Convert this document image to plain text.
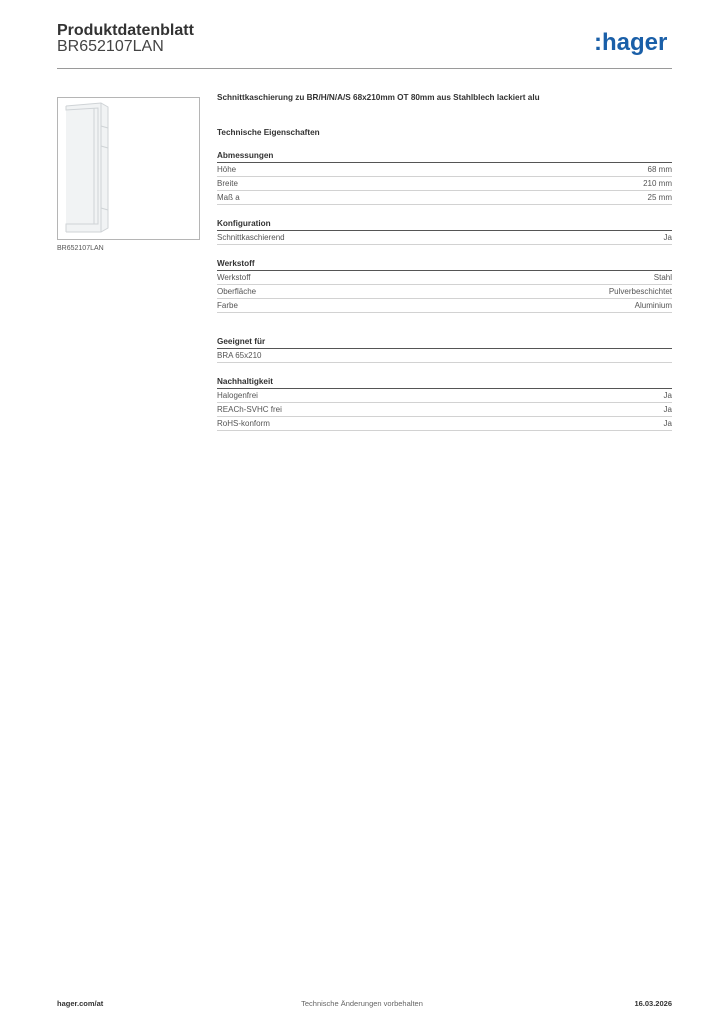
Produktdatenblatt
BR652107LAN	:hager
BR652107LAN
Schnittkaschierung zu BR/H/N/A/S 68x210mm OT 80mm aus Stahlblech lackiert alu
Technische Eigenschaften
Abmessungen
Höhe	68 mm
Breite	210 mm
Maß a	25 mm
Konfiguration
Schnittkaschierend	Ja
Werkstoff
Werkstoff	Stahl
Oberfläche	Pulverbeschichtet
Farbe	Aluminium
Geeignet für
BRA 65x210
Nachhaltigkeit
Halogenfrei	Ja
REACh-SVHC frei	Ja
RoHS-konform	Ja
hager.com/at	Technische Änderungen vorbehalten	16.03.2026
